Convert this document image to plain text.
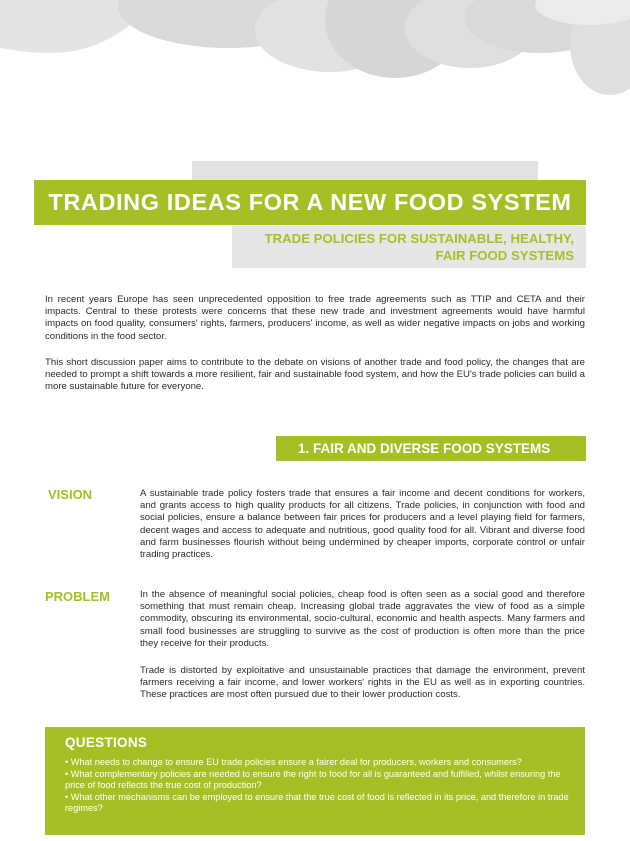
TRADING IDEAS FOR A NEW FOOD SYSTEM
TRADE POLICIES FOR SUSTAINABLE, HEALTHY,
FAIR FOOD SYSTEMS

In recent years Europe has seen unprecedented opposition to free trade agreements such as TTIP and CETA and their impacts. Central to these protests were concerns that these new trade and investment agreements would have harmful impacts on food quality, consumers' rights, farmers, producers' income, as well as wider negative impacts on jobs and working conditions in the food sector.

This short discussion paper aims to contribute to the debate on visions of another trade and food policy, the changes that are needed to prompt a shift towards a more resilient, fair and sustainable food system, and how the EU's trade policies can build a more sustainable future for everyone.

1. FAIR AND DIVERSE FOOD SYSTEMS
VISION	A sustainable trade policy fosters trade that ensures a fair income and decent conditions for workers, and grants access to high quality products for all citizens. Trade policies, in conjunction with food and social policies, ensure a balance between fair prices for producers and a level playing field for farmers, decent wages and access to adequate and nutritious, good quality food for all. Vibrant and diverse food and farm businesses flourish without being undermined by cheaper imports, corporate control or unfair trading practices.

PROBLEM	In the absence of meaningful social policies, cheap food is often seen as a social good and therefore something that must remain cheap. Increasing global trade aggravates the view of food as a simple commodity, obscuring its environmental, socio-cultural, economic and health aspects. Many farmers and small food businesses are struggling to survive as the cost of production is often more than the price they receive for their products.

Trade is distorted by exploitative and unsustainable practices that damage the environment, prevent farmers receiving a fair income, and lower workers' rights in the EU as well as in exporting countries. These practices are most often pursued due to their lower production costs.

QUESTIONS

• What needs to change to ensure EU trade policies ensure a fairer deal for producers, workers and consumers?

• What complementary policies are needed to ensure the right to food for all is guaranteed and fulfilled, whilst ensuring the price of food reflects the true cost of production?

• What other mechanisms can be employed to ensure that the true cost of food is reflected in its price, and therefore in trade regimes?
